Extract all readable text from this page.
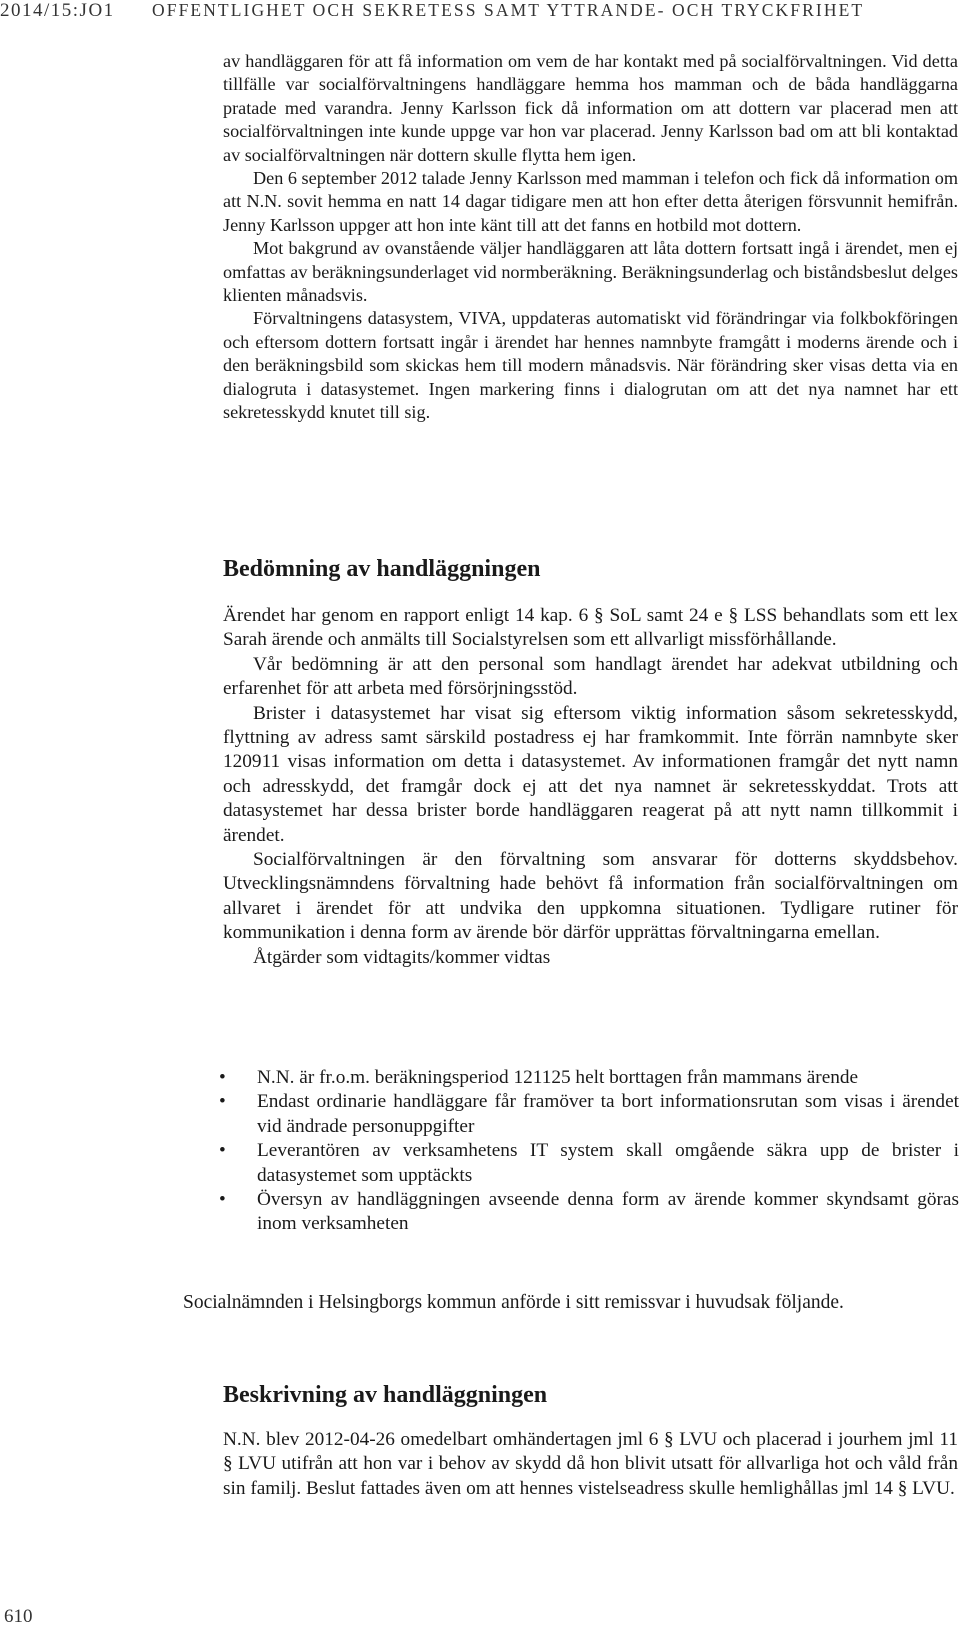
2014/15:JO1 OFFENTLIGHET OCH SEKRETESS SAMT YTTRANDE- OCH TRYCKFRIHET

av handläggaren för att få information om vem de har kontakt med på socialförvaltningen. Vid detta tillfälle var socialförvaltningens handläggare hemma hos mamman och de båda handläggarna pratade med varandra. Jenny Karlsson fick då information om att dottern var placerad men att socialförvaltningen inte kunde uppge var hon var placerad. Jenny Karlsson bad om att bli kontaktad av socialförvaltningen när dottern skulle flytta hem igen.

Den 6 september 2012 talade Jenny Karlsson med mamman i telefon och fick då information om att N.N. sovit hemma en natt 14 dagar tidigare men att hon efter detta återigen försvunnit hemifrån. Jenny Karlsson uppger att hon inte känt till att det fanns en hotbild mot dottern.

Mot bakgrund av ovanstående väljer handläggaren att låta dottern fortsatt ingå i ärendet, men ej omfattas av beräkningsunderlaget vid normberäkning. Beräkningsunderlag och biståndsbeslut delges klienten månadsvis.

Förvaltningens datasystem, VIVA, uppdateras automatiskt vid förändringar via folkbokföringen och eftersom dottern fortsatt ingår i ärendet har hennes namnbyte framgått i moderns ärende och i den beräkningsbild som skickas hem till modern månadsvis. När förändring sker visas detta via en dialogruta i datasystemet. Ingen markering finns i dialogrutan om att det nya namnet har ett sekretesskydd knutet till sig.

Bedömning av handläggningen

Ärendet har genom en rapport enligt 14 kap. 6 § SoL samt 24 e § LSS behandlats som ett lex Sarah ärende och anmälts till Socialstyrelsen som ett allvarligt missförhållande.

Vår bedömning är att den personal som handlagt ärendet har adekvat utbildning och erfarenhet för att arbeta med försörjningsstöd.

Brister i datasystemet har visat sig eftersom viktig information såsom sekretesskydd, flyttning av adress samt särskild postadress ej har framkommit. Inte förrän namnbyte sker 120911 visas information om detta i datasystemet. Av informationen framgår det nytt namn och adresskydd, det framgår dock ej att det nya namnet är sekretesskyddat. Trots att datasystemet har dessa brister borde handläggaren reagerat på att nytt namn tillkommit i ärendet.

Socialförvaltningen är den förvaltning som ansvarar för dotterns skyddsbehov. Utvecklingsnämndens förvaltning hade behövt få information från socialförvaltningen om allvaret i ärendet för att undvika den uppkomna situationen. Tydligare rutiner för kommunikation i denna form av ärende bör därför upprättas förvaltningarna emellan.

Åtgärder som vidtagits/kommer vidtas

• N.N. är fr.o.m. beräkningsperiod 121125 helt borttagen från mammans ärende
• Endast ordinarie handläggare får framöver ta bort informationsrutan som visas i ärendet vid ändrade personuppgifter
• Leverantören av verksamhetens IT system skall omgående säkra upp de brister i datasystemet som upptäckts
• Översyn av handläggningen avseende denna form av ärende kommer skyndsamt göras inom verksamheten
Socialnämnden i Helsingborgs kommun anförde i sitt remissvar i huvudsak följande.
Beskrivning av handläggningen

N.N. blev 2012-04-26 omedelbart omhändertagen jml 6 § LVU och placerad i jourhem jml 11 § LVU utifrån att hon var i behov av skydd då hon blivit utsatt för allvarliga hot och våld från sin familj. Beslut fattades även om att hennes vistelseadress skulle hemlighållas jml 14 § LVU.

610
